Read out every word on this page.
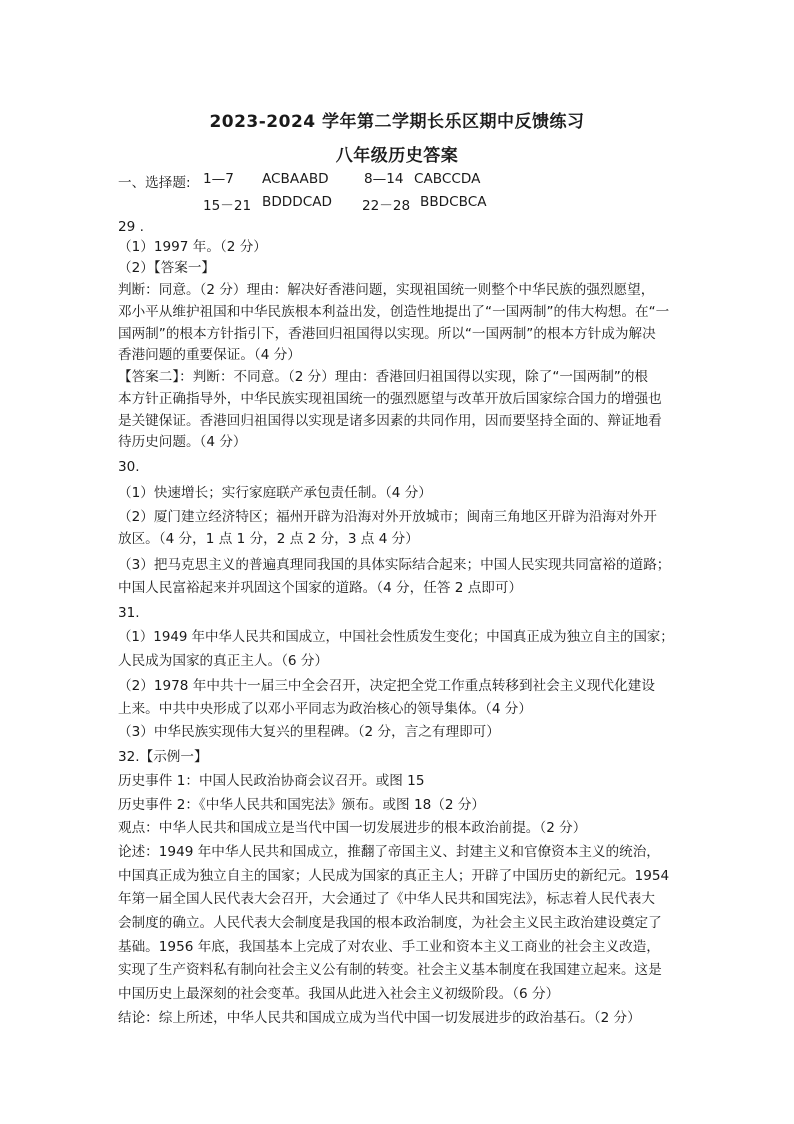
2023-2024 学年第二学期长乐区期中反馈练习
八年级历史答案
一、选择题: 1—7 ACBAABD	8—14 CABCCDA
15－21 BDDDCAD 22－28 BBDCBCA
29 .
（1）1997 年。（2 分）
（2）【答案一】
判断：同意。（2 分）理由：解决好香港问题，实现祖国统一则整个中华民族的强烈愿望，
邓小平从维护祖国和中华民族根本利益出发，创造性地提出了“一国两制”的伟大构想。在“一
国两制”的根本方针指引下，香港回归祖国得以实现。所以“一国两制”的根本方针成为解决
香港问题的重要保证。（4 分）
【答案二】：判断：不同意。（2 分）理由：香港回归祖国得以实现，除了“一国两制”的根
本方针正确指导外，中华民族实现祖国统一的强烈愿望与改革开放后国家综合国力的增强也
是关键保证。香港回归祖国得以实现是诸多因素的共同作用，因而要坚持全面的、辩证地看
待历史问题。（4 分）
30.
（1）快速增长；实行家庭联产承包责任制。（4 分）
（2）厦门建立经济特区；福州开辟为沿海对外开放城市；闽南三角地区开辟为沿海对外开
放区。（4 分，1 点 1 分，2 点 2 分，3 点 4 分）
（3）把马克思主义的普遍真理同我国的具体实际结合起来；中国人民实现共同富裕的道路；
中国人民富裕起来并巩固这个国家的道路。（4 分，任答 2 点即可）
31.
（1）1949 年中华人民共和国成立，中国社会性质发生变化；中国真正成为独立自主的国家；
人民成为国家的真正主人。（6 分）
（2）1978 年中共十一届三中全会召开，决定把全党工作重点转移到社会主义现代化建设
上来。中共中央形成了以邓小平同志为政治核心的领导集体。（4 分）
（3）中华民族实现伟大复兴的里程碑。（2 分，言之有理即可）
32.【示例一】
历史事件 1：中国人民政治协商会议召开。或图 15
历史事件 2：《中华人民共和国宪法》颁布。或图 18（2 分）
观点：中华人民共和国成立是当代中国一切发展进步的根本政治前提。（2 分）
论述：1949 年中华人民共和国成立，推翻了帝国主义、封建主义和官僚资本主义的统治，
中国真正成为独立自主的国家；人民成为国家的真正主人；开辟了中国历史的新纪元。1954
年第一届全国人民代表大会召开，大会通过了《中华人民共和国宪法》，标志着人民代表大
会制度的确立。人民代表大会制度是我国的根本政治制度，为社会主义民主政治建设奠定了
基础。1956 年底，我国基本上完成了对农业、手工业和资本主义工商业的社会主义改造，
实现了生产资料私有制向社会主义公有制的转变。社会主义基本制度在我国建立起来。这是
中国历史上最深刻的社会变革。我国从此进入社会主义初级阶段。（6 分）
结论：综上所述，中华人民共和国成立成为当代中国一切发展进步的政治基石。（2 分）
